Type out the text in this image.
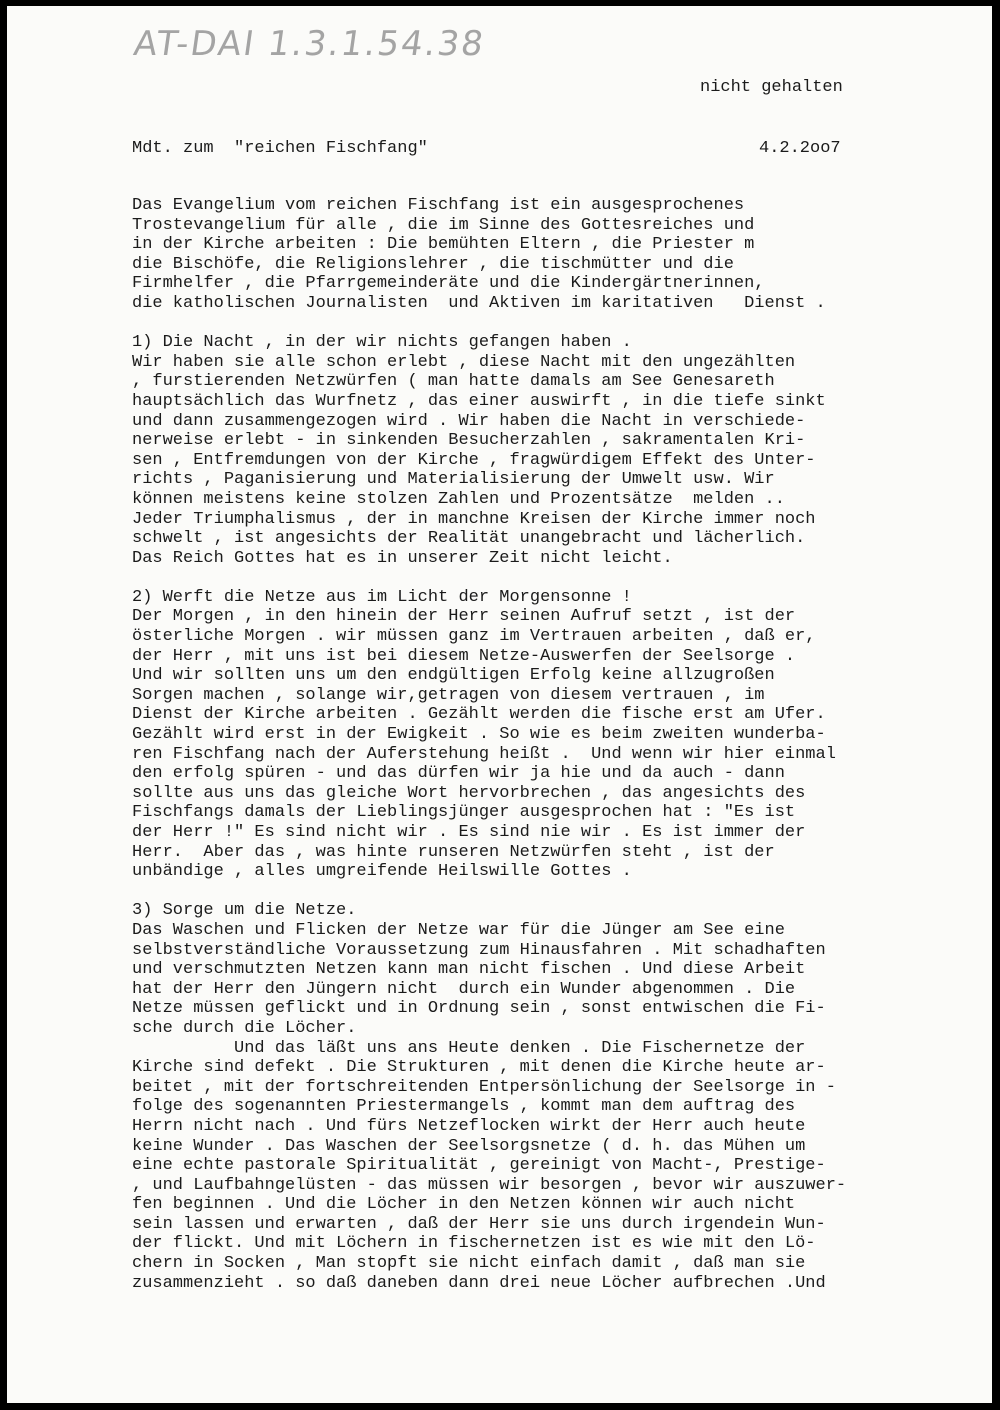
AT-DAI 1.3.1.54.38
nicht gehalten
Mdt. zum  "reichen Fischfang"	4.2.2oo7
Das Evangelium vom reichen Fischfang ist ein ausgesprochenes
Trostevangelium für alle , die im Sinne des Gottesreiches und
in der Kirche arbeiten : Die bemühten Eltern , die Priester m
die Bischöfe, die Religionslehrer , die tischmütter und die
Firmhelfer , die Pfarrgemeinderäte und die Kindergärtnerinnen,
die katholischen Journalisten  und Aktiven im karitativen   Dienst .
1) Die Nacht , in der wir nichts gefangen haben .
Wir haben sie alle schon erlebt , diese Nacht mit den ungezählten
, furstierenden Netzwürfen ( man hatte damals am See Genesareth
hauptsächlich das Wurfnetz , das einer auswirft , in die tiefe sinkt
und dann zusammengezogen wird . Wir haben die Nacht in verschiede-
nerweise erlebt - in sinkenden Besucherzahlen , sakramentalen Kri-
sen , Entfremdungen von der Kirche , fragwürdigem Effekt des Unter-
richts , Paganisierung und Materialisierung der Umwelt usw. Wir
können meistens keine stolzen Zahlen und Prozentsätze  melden ..
Jeder Triumphalismus , der in manchne Kreisen der Kirche immer noch
schwelt , ist angesichts der Realität unangebracht und lächerlich.
Das Reich Gottes hat es in unserer Zeit nicht leicht.
2) Werft die Netze aus im Licht der Morgensonne !
Der Morgen , in den hinein der Herr seinen Aufruf setzt , ist der
österliche Morgen . wir müssen ganz im Vertrauen arbeiten , daß er,
der Herr , mit uns ist bei diesem Netze-Auswerfen der Seelsorge .
Und wir sollten uns um den endgültigen Erfolg keine allzugroßen
Sorgen machen , solange wir,getragen von diesem vertrauen , im
Dienst der Kirche arbeiten . Gezählt werden die fische erst am Ufer.
Gezählt wird erst in der Ewigkeit . So wie es beim zweiten wunderba-
ren Fischfang nach der Auferstehung heißt .  Und wenn wir hier einmal
den erfolg spüren - und das dürfen wir ja hie und da auch - dann
sollte aus uns das gleiche Wort hervorbrechen , das angesichts des
Fischfangs damals der Lieblingsjünger ausgesprochen hat : "Es ist
der Herr !" Es sind nicht wir . Es sind nie wir . Es ist immer der
Herr.  Aber das , was hinte runseren Netzwürfen steht , ist der
unbändige , alles umgreifende Heilswille Gottes .
3) Sorge um die Netze.
Das Waschen und Flicken der Netze war für die Jünger am See eine
selbstverständliche Voraussetzung zum Hinausfahren . Mit schadhaften
und verschmutzten Netzen kann man nicht fischen . Und diese Arbeit
hat der Herr den Jüngern nicht  durch ein Wunder abgenommen . Die
Netze müssen geflickt und in Ordnung sein , sonst entwischen die Fi-
sche durch die Löcher.
Und das läßt uns ans Heute denken . Die Fischernetze der
Kirche sind defekt . Die Strukturen , mit denen die Kirche heute ar-
beitet , mit der fortschreitenden Entpersönlichung der Seelsorge in -
folge des sogenannten Priestermangels , kommt man dem auftrag des
Herrn nicht nach . Und fürs Netzeflocken wirkt der Herr auch heute
keine Wunder . Das Waschen der Seelsorgsnetze ( d. h. das Mühen um
eine echte pastorale Spiritualität , gereinigt von Macht-, Prestige-
, und Laufbahngelüsten - das müssen wir besorgen , bevor wir auszuwer-
fen beginnen . Und die Löcher in den Netzen können wir auch nicht
sein lassen und erwarten , daß der Herr sie uns durch irgendein Wun-
der flickt. Und mit Löchern in fischernetzen ist es wie mit den Lö-
chern in Socken , Man stopft sie nicht einfach damit , daß man sie
zusammenzieht . so daß daneben dann drei neue Löcher aufbrechen .Und
